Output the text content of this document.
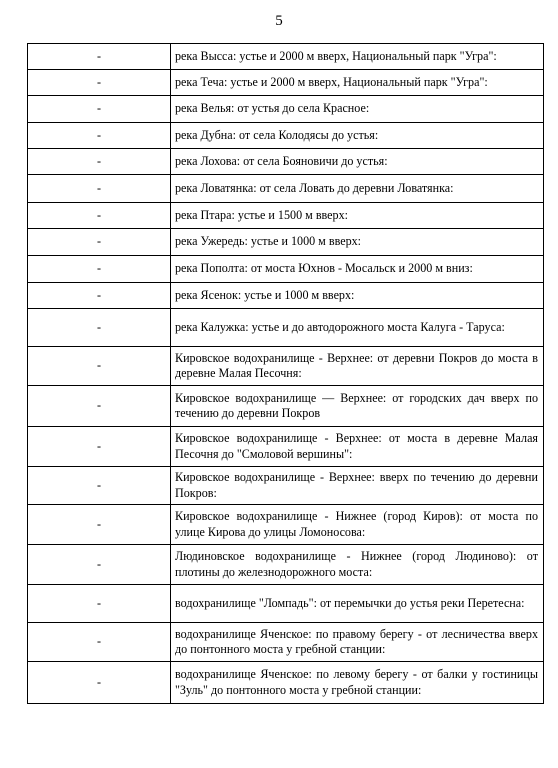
5
-	река Высса: устье и 2000 м вверх, Национальный парк "Угра":
-	река Теча: устье и 2000 м вверх, Национальный парк "Угра":
-	река Велья: от устья до села Красное:
-	река Дубна: от села Колодясы до устья:
-	река Лохова: от села Бояновичи до устья:
-	река Ловатянка: от села Ловать до деревни Ловатянка:
-	река Птара: устье и 1500 м вверх:
-	река Ужередь: устье и 1000 м вверх:
-	река Пополта: от моста Юхнов - Мосальск и 2000 м вниз:
-	река Ясенок: устье и 1000 м вверх:
-	река Калужка: устье и до автодорожного моста Калуга - Таруса:
-	Кировское водохранилище - Верхнее: от деревни Покров до моста в деревне Малая Песочня:
-	Кировское водохранилище — Верхнее: от городских дач вверх по течению до деревни Покров
-	Кировское водохранилище - Верхнее: от моста в деревне Малая Песочня до "Смоловой вершины":
-	Кировское водохранилище - Верхнее: вверх по течению до деревни Покров:
-	Кировское водохранилище - Нижнее (город Киров): от моста по улице Кирова до улицы Ломоносова:
-	Людиновское водохранилище - Нижнее (город Людиново): от плотины до железнодорожного моста:
-	водохранилище "Ломпадь": от перемычки до устья реки Перетесна:
-	водохранилище Яченское: по правому берегу - от лесничества вверх до понтонного моста у гребной станции:
-	водохранилище Яченское: по левому берегу - от балки у гостиницы "Зуль" до понтонного моста у гребной станции:
